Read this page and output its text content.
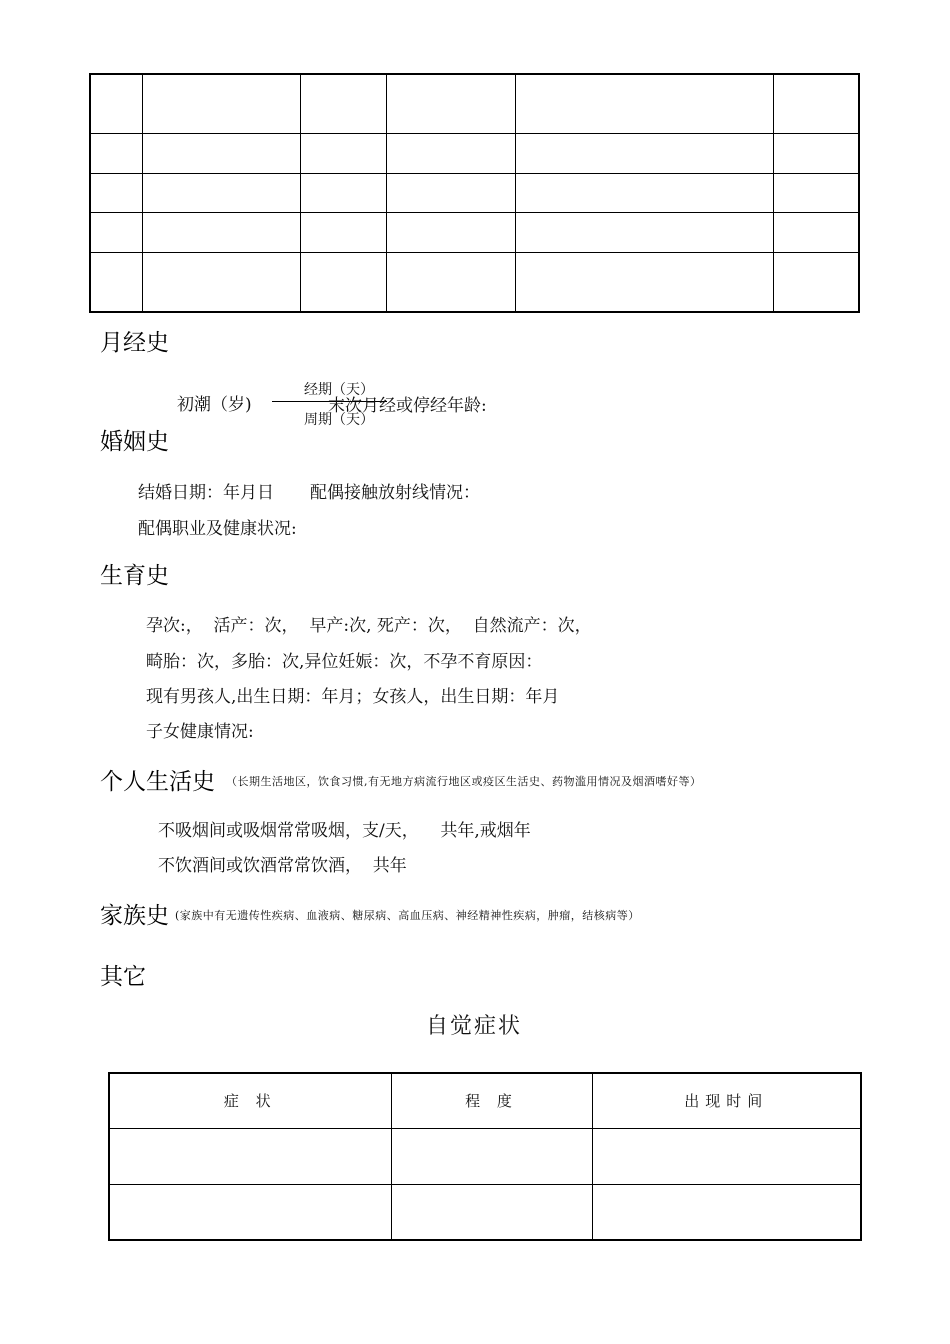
月经史
初潮（岁)
经期（天）
周期（天）
末次月经或停经年龄:
婚姻史
结婚日期：年月日 配偶接触放射线情况：
配偶职业及健康状况:
生育史
孕次:，  活产：次，  早产:次, 死产：次，  自然流产：次，
畸胎：次，多胎：次,异位妊娠：次，不孕不育原因：
现有男孩人,出生日期：年月；女孩人，出生日期：年月
子女健康情况:
个人生活史 （长期生活地区，饮食习惯,有无地方病流行地区或疫区生活史、药物滥用情况及烟酒嗜好等）
不吸烟间或吸烟常常吸烟，支/天，    共年,戒烟年
不饮酒间或饮酒常常饮酒，  共年
家族史 (家族中有无遗传性疾病、血液病、糖尿病、高血压病、神经精神性疾病，肿瘤，结核病等）
其它
自觉症状
症 状	程 度	出现时间
